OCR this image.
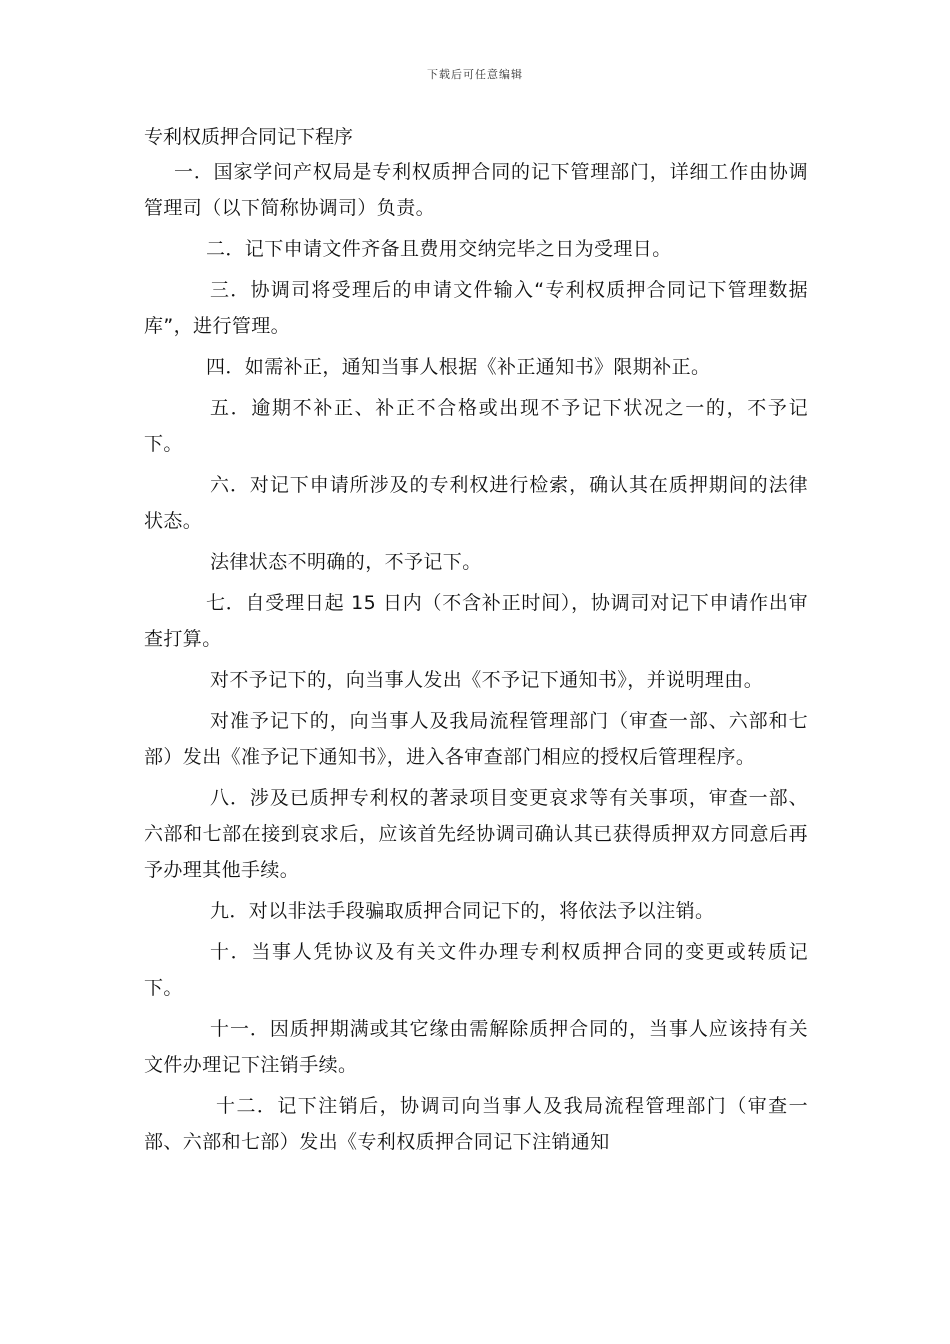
下载后可任意编辑
专利权质押合同记下程序

一．国家学问产权局是专利权质押合同的记下管理部门，详细工作由协调管理司（以下简称协调司）负责。

二．记下申请文件齐备且费用交纳完毕之日为受理日。

三．协调司将受理后的申请文件输入“专利权质押合同记下管理数据库”，进行管理。

四．如需补正，通知当事人根据《补正通知书》限期补正。

五．逾期不补正、补正不合格或出现不予记下状况之一的，不予记下。

六．对记下申请所涉及的专利权进行检索，确认其在质押期间的法律状态。

法律状态不明确的，不予记下。

七．自受理日起 15 日内（不含补正时间），协调司对记下申请作出审查打算。

对不予记下的，向当事人发出《不予记下通知书》，并说明理由。

对准予记下的，向当事人及我局流程管理部门（审查一部、六部和七部）发出《准予记下通知书》，进入各审查部门相应的授权后管理程序。

八．涉及已质押专利权的著录项目变更哀求等有关事项，审查一部、六部和七部在接到哀求后，应该首先经协调司确认其已获得质押双方同意后再予办理其他手续。

九．对以非法手段骗取质押合同记下的，将依法予以注销。

十．当事人凭协议及有关文件办理专利权质押合同的变更或转质记下。

十一．因质押期满或其它缘由需解除质押合同的，当事人应该持有关文件办理记下注销手续。

十二．记下注销后，协调司向当事人及我局流程管理部门（审查一部、六部和七部）发出《专利权质押合同记下注销通知
